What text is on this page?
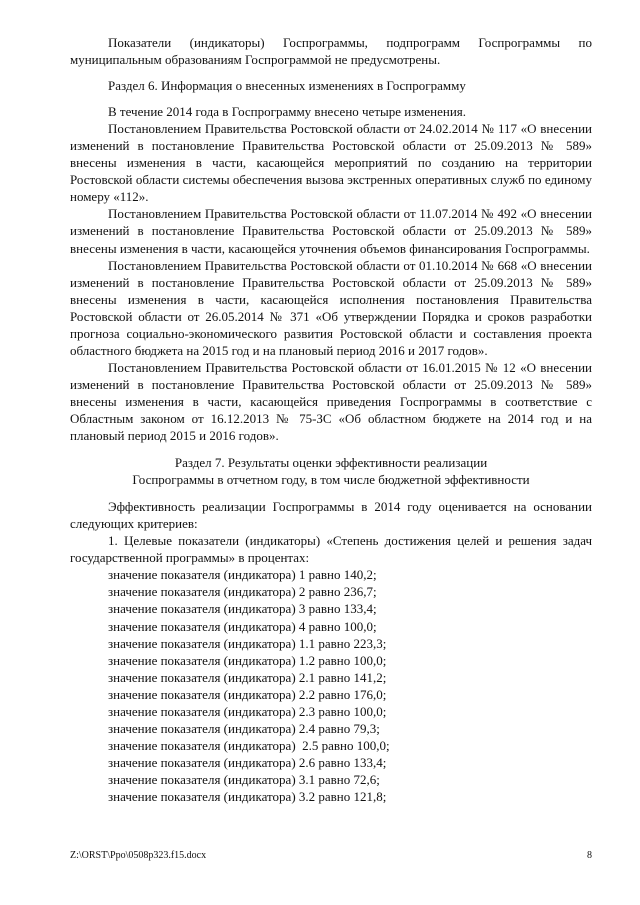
Показатели (индикаторы) Госпрограммы, подпрограмм Госпрограммы по муниципальным образованиям Госпрограммой не предусмотрены.

Раздел 6. Информация о внесенных изменениях в Госпрограмму

В течение 2014 года в Госпрограмму внесено четыре изменения.

Постановлением Правительства Ростовской области от 24.02.2014 № 117 «О внесении изменений в постановление Правительства Ростовской области от 25.09.2013 № 589» внесены изменения в части, касающейся мероприятий по созданию на территории Ростовской области системы обеспечения вызова экстренных оперативных служб по единому номеру «112».

Постановлением Правительства Ростовской области от 11.07.2014 № 492 «О внесении изменений в постановление Правительства Ростовской области от 25.09.2013 № 589» внесены изменения в части, касающейся уточнения объемов финансирования Госпрограммы.

Постановлением Правительства Ростовской области от 01.10.2014 № 668 «О внесении изменений в постановление Правительства Ростовской области от 25.09.2013 № 589» внесены изменения в части, касающейся исполнения постановления Правительства Ростовской области от 26.05.2014 № 371 «Об утверждении Порядка и сроков разработки прогноза социально-экономического развития Ростовской области и составления проекта областного бюджета на 2015 год и на плановый период 2016 и 2017 годов».

Постановлением Правительства Ростовской области от 16.01.2015 № 12 «О внесении изменений в постановление Правительства Ростовской области от 25.09.2013 № 589» внесены изменения в части, касающейся приведения Госпрограммы в соответствие с Областным законом от 16.12.2013 № 75-ЗС «Об областном бюджете на 2014 год и на плановый период 2015 и 2016 годов».

Раздел 7. Результаты оценки эффективности реализации

Госпрограммы в отчетном году, в том числе бюджетной эффективности

Эффективность реализации Госпрограммы в 2014 году оценивается на основании следующих критериев:

1. Целевые показатели (индикаторы) «Степень достижения целей и решения задач государственной программы» в процентах:

значение показателя (индикатора) 1 равно 140,2;
значение показателя (индикатора) 2 равно 236,7;
значение показателя (индикатора) 3 равно 133,4;
значение показателя (индикатора) 4 равно 100,0;
значение показателя (индикатора) 1.1 равно 223,3;
значение показателя (индикатора) 1.2 равно 100,0;
значение показателя (индикатора) 2.1 равно 141,2;
значение показателя (индикатора) 2.2 равно 176,0;
значение показателя (индикатора) 2.3 равно 100,0;
значение показателя (индикатора) 2.4 равно 79,3;
значение показателя (индикатора)  2.5 равно 100,0;
значение показателя (индикатора) 2.6 равно 133,4;
значение показателя (индикатора) 3.1 равно 72,6;
значение показателя (индикатора) 3.2 равно 121,8;
Z:\ORST\Ppo\0508p323.f15.docx	8
